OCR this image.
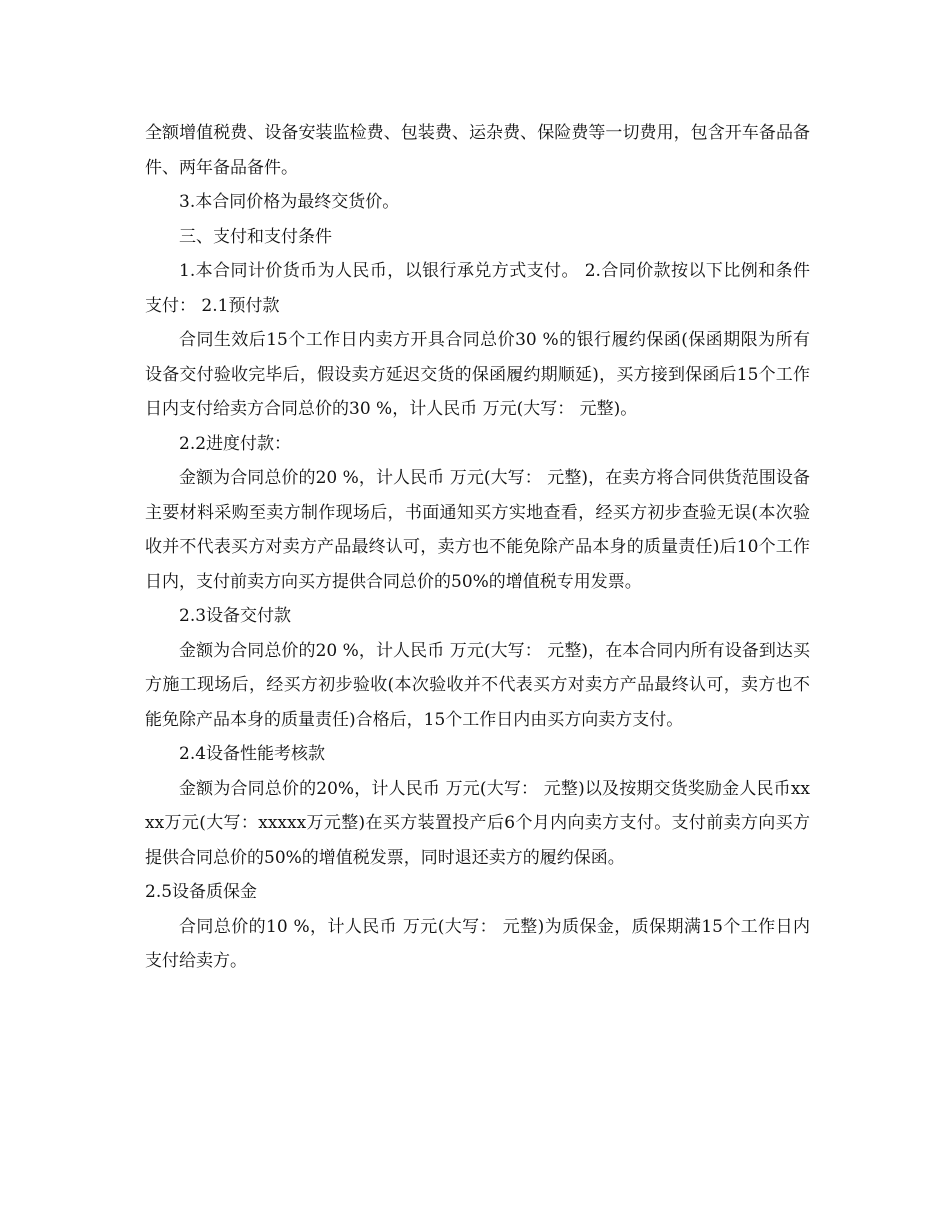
全额增值税费、设备安装监检费、包装费、运杂费、保险费等一切费用，包含开车备品备件、两年备品备件。

3.本合同价格为最终交货价。

三、支付和支付条件

1.本合同计价货币为人民币，以银行承兑方式支付。 2.合同价款按以下比例和条件支付： 2.1预付款

合同生效后15个工作日内卖方开具合同总价30 %的银行履约保函(保函期限为所有设备交付验收完毕后，假设卖方延迟交货的保函履约期顺延)，买方接到保函后15个工作日内支付给卖方合同总价的30 %，计人民币 万元(大写： 元整)。

2.2进度付款：

金额为合同总价的20 %，计人民币 万元(大写： 元整)，在卖方将合同供货范围设备主要材料采购至卖方制作现场后，书面通知买方实地查看，经买方初步查验无误(本次验收并不代表买方对卖方产品最终认可，卖方也不能免除产品本身的质量责任)后10个工作日内，支付前卖方向买方提供合同总价的50%的增值税专用发票。

2.3设备交付款

金额为合同总价的20 %，计人民币 万元(大写： 元整)，在本合同内所有设备到达买方施工现场后，经买方初步验收(本次验收并不代表买方对卖方产品最终认可，卖方也不能免除产品本身的质量责任)合格后，15个工作日内由买方向卖方支付。

2.4设备性能考核款

金额为合同总价的20%，计人民币 万元(大写： 元整)以及按期交货奖励金人民币xxxx万元(大写：xxxxx万元整)在买方装置投产后6个月内向卖方支付。支付前卖方向买方提供合同总价的50%的增值税发票，同时退还卖方的履约保函。

2.5设备质保金

合同总价的10 %，计人民币 万元(大写： 元整)为质保金，质保期满15个工作日内支付给卖方。
